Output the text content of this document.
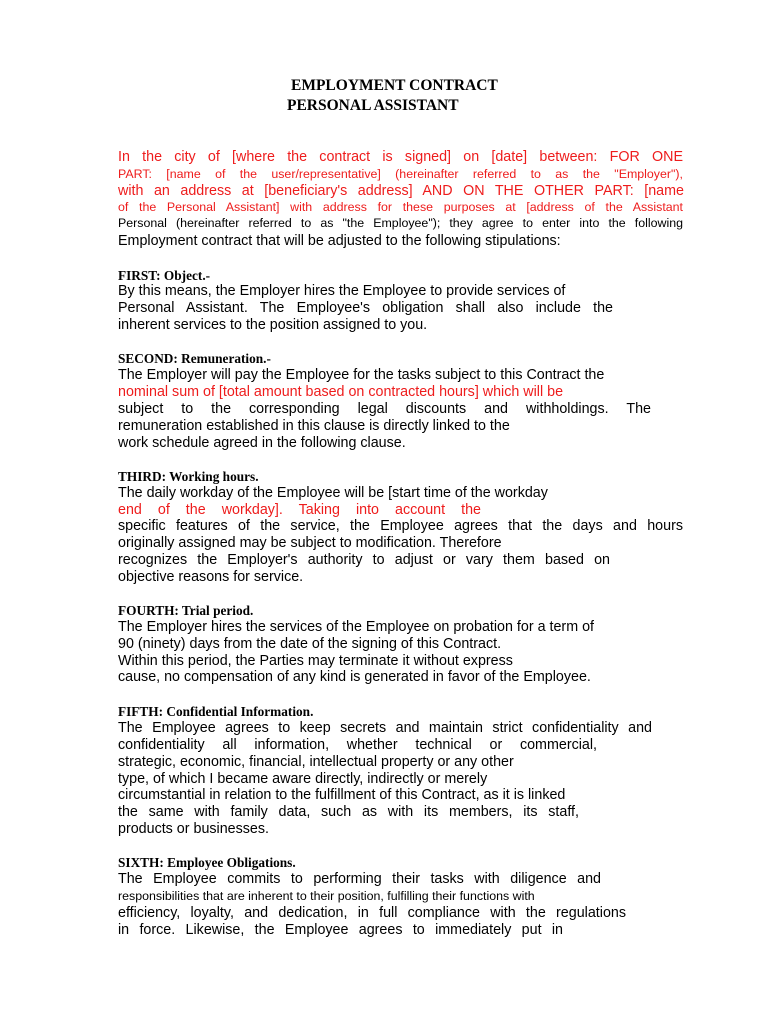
EMPLOYMENT CONTRACT
PERSONAL ASSISTANT

In the city of [where the contract is signed] on [date] between: FOR ONE

PART: [name of the user/representative] (hereinafter referred to as the "Employer"),

with an address at [beneficiary's address] AND ON THE OTHER PART: [name

of the Personal Assistant] with address for these purposes at [address of the Assistant

Personal (hereinafter referred to as "the Employee"); they agree to enter into the following

Employment contract that will be adjusted to the following stipulations:

FIRST: Object.-

By this means, the Employer hires the Employee to provide services of

Personal Assistant. The Employee's obligation shall also include the

inherent services to the position assigned to you.

SECOND: Remuneration.-

The Employer will pay the Employee for the tasks subject to this Contract the

nominal sum of [total amount based on contracted hours] which will be

subject to the corresponding legal discounts and withholdings. The

remuneration established in this clause is directly linked to the

work schedule agreed in the following clause.

THIRD: Working hours.

The daily workday of the Employee will be [start time of the workday

end of the workday]. Taking into account the

specific features of the service, the Employee agrees that the days and hours

originally assigned may be subject to modification. Therefore

recognizes the Employer's authority to adjust or vary them based on

objective reasons for service.

FOURTH: Trial period.

The Employer hires the services of the Employee on probation for a term of

90 (ninety) days from the date of the signing of this Contract.

Within this period, the Parties may terminate it without express

cause, no compensation of any kind is generated in favor of the Employee.

FIFTH: Confidential Information.

The Employee agrees to keep secrets and maintain strict confidentiality and

confidentiality all information, whether technical or commercial,

strategic, economic, financial, intellectual property or any other

type, of which I became aware directly, indirectly or merely

circumstantial in relation to the fulfillment of this Contract, as it is linked

the same with family data, such as with its members, its staff,

products or businesses.

SIXTH: Employee Obligations.

The Employee commits to performing their tasks with diligence and

responsibilities that are inherent to their position, fulfilling their functions with

efficiency, loyalty, and dedication, in full compliance with the regulations

in force. Likewise, the Employee agrees to immediately put in
